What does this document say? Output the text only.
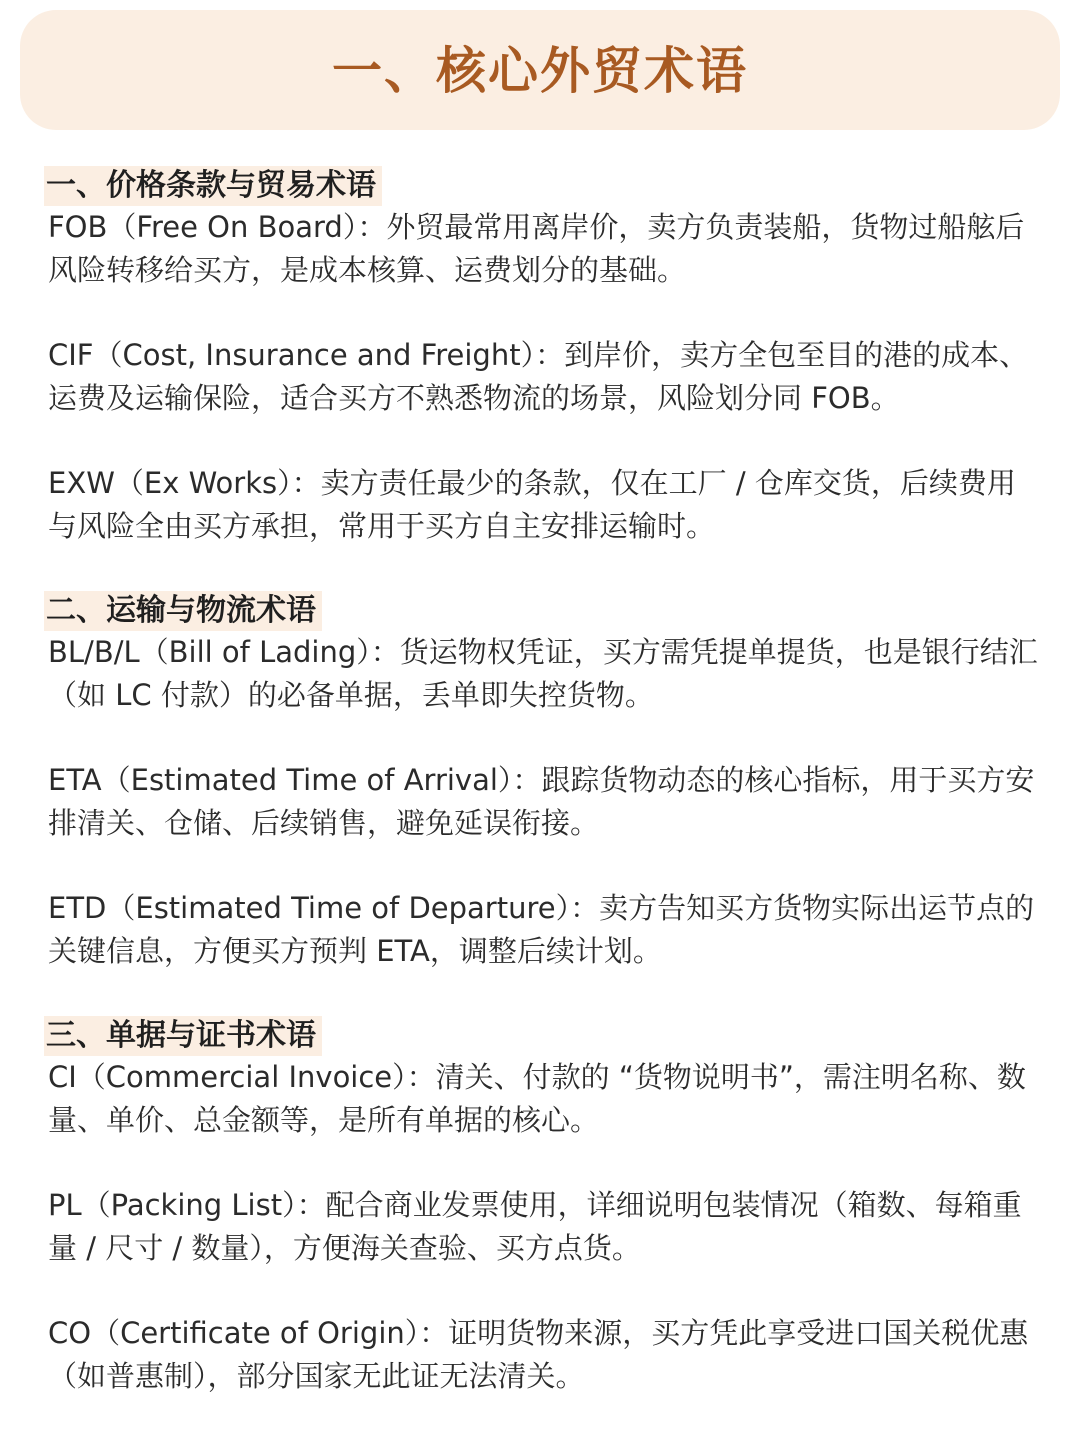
一、核心外贸术语
一、价格条款与贸易术语

FOB（Free On Board）：外贸最常用离岸价，卖方负责装船，货物过船舷后风险转移给买方，是成本核算、运费划分的基础。

CIF（Cost, Insurance and Freight）：到岸价，卖方全包至目的港的成本、运费及运输保险，适合买方不熟悉物流的场景，风险划分同 FOB。

EXW（Ex Works）：卖方责任最少的条款，仅在工厂 / 仓库交货，后续费用与风险全由买方承担，常用于买方自主安排运输时。

二、运输与物流术语

BL/B/L（Bill of Lading）：货运物权凭证，买方需凭提单提货，也是银行结汇（如 LC 付款）的必备单据，丢单即失控货物。

ETA（Estimated Time of Arrival）：跟踪货物动态的核心指标，用于买方安排清关、仓储、后续销售，避免延误衔接。

ETD（Estimated Time of Departure）：卖方告知买方货物实际出运节点的关键信息，方便买方预判 ETA，调整后续计划。

三、单据与证书术语

CI（Commercial Invoice）：清关、付款的 “货物说明书”，需注明名称、数量、单价、总金额等，是所有单据的核心。

PL（Packing List）：配合商业发票使用，详细说明包装情况（箱数、每箱重量 / 尺寸 / 数量），方便海关查验、买方点货。

CO（Certificate of Origin）：证明货物来源，买方凭此享受进口国关税优惠（如普惠制），部分国家无此证无法清关。
